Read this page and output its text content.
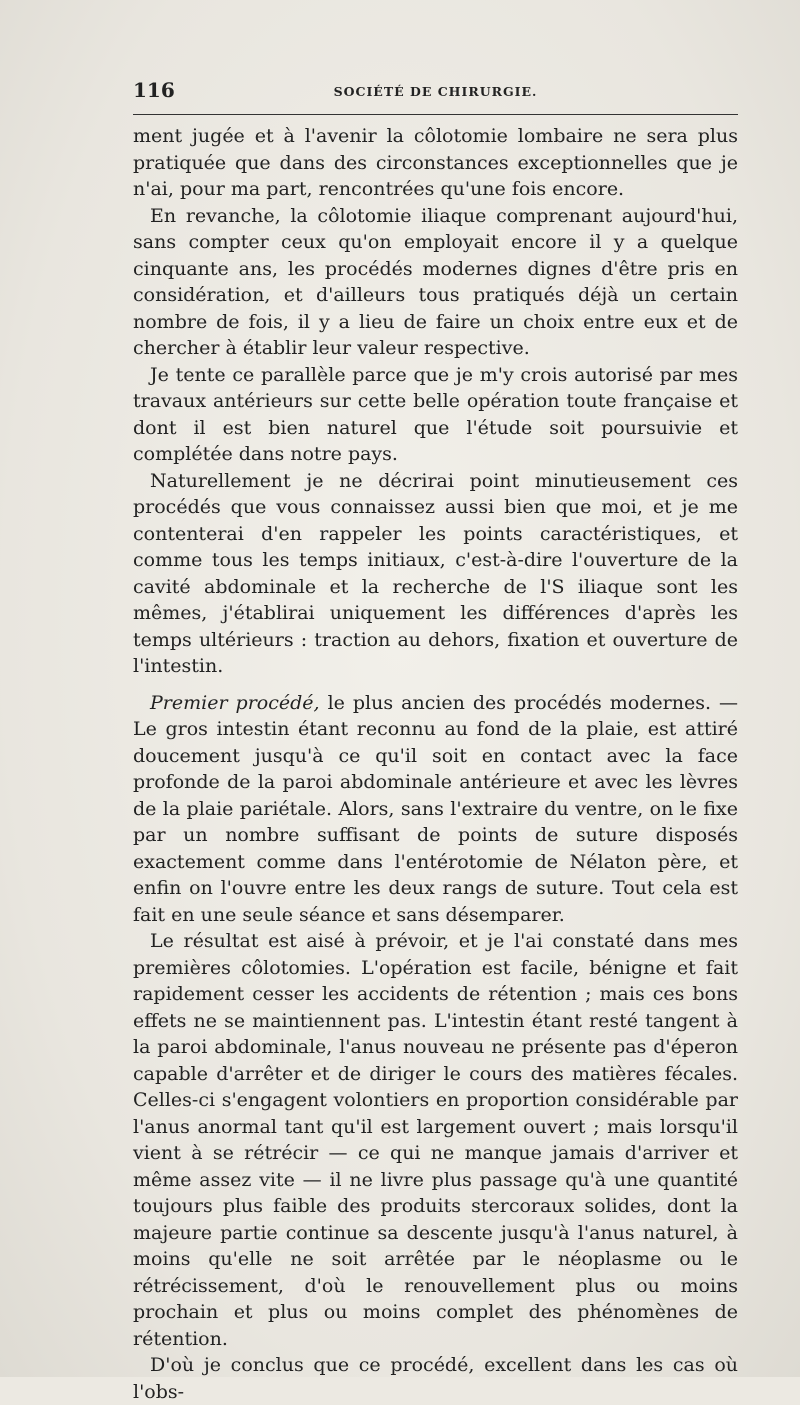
116	SOCIÉTÉ DE CHIRURGIE.

ment jugée et à l'avenir la côlotomie lombaire ne sera plus pratiquée que dans des circonstances exceptionnelles que je n'ai, pour ma part, rencontrées qu'une fois encore.

En revanche, la côlotomie iliaque comprenant aujourd'hui, sans compter ceux qu'on employait encore il y a quelque cinquante ans, les procédés modernes dignes d'être pris en considération, et d'ailleurs tous pratiqués déjà un certain nombre de fois, il y a lieu de faire un choix entre eux et de chercher à établir leur valeur respective.

Je tente ce parallèle parce que je m'y crois autorisé par mes travaux antérieurs sur cette belle opération toute française et dont il est bien naturel que l'étude soit poursuivie et complétée dans notre pays.

Naturellement je ne décrirai point minutieusement ces procédés que vous connaissez aussi bien que moi, et je me contenterai d'en rappeler les points caractéristiques, et comme tous les temps initiaux, c'est-à-dire l'ouverture de la cavité abdominale et la recherche de l'S iliaque sont les mêmes, j'établirai uniquement les différences d'après les temps ultérieurs : traction au dehors, fixation et ouverture de l'intestin.

Premier procédé, le plus ancien des procédés modernes. — Le gros intestin étant reconnu au fond de la plaie, est attiré doucement jusqu'à ce qu'il soit en contact avec la face profonde de la paroi abdominale antérieure et avec les lèvres de la plaie pariétale. Alors, sans l'extraire du ventre, on le fixe par un nombre suffisant de points de suture disposés exactement comme dans l'entérotomie de Nélaton père, et enfin on l'ouvre entre les deux rangs de suture. Tout cela est fait en une seule séance et sans désemparer.

Le résultat est aisé à prévoir, et je l'ai constaté dans mes premières côlotomies. L'opération est facile, bénigne et fait rapidement cesser les accidents de rétention ; mais ces bons effets ne se maintiennent pas. L'intestin étant resté tangent à la paroi abdominale, l'anus nouveau ne présente pas d'éperon capable d'arrêter et de diriger le cours des matières fécales. Celles-ci s'engagent volontiers en proportion considérable par l'anus anormal tant qu'il est largement ouvert ; mais lorsqu'il vient à se rétrécir — ce qui ne manque jamais d'arriver et même assez vite — il ne livre plus passage qu'à une quantité toujours plus faible des produits stercoraux solides, dont la majeure partie continue sa descente jusqu'à l'anus naturel, à moins qu'elle ne soit arrêtée par le néoplasme ou le rétrécissement, d'où le renouvellement plus ou moins prochain et plus ou moins complet des phénomènes de rétention.

D'où je conclus que ce procédé, excellent dans les cas où l'obs-
